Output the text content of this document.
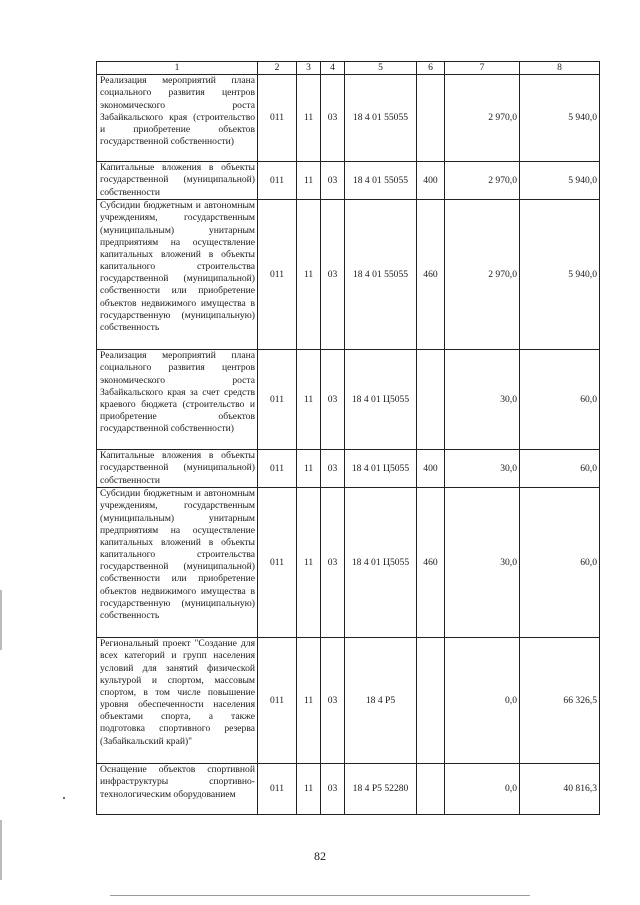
1	2	3	4	5	6	7	8
Реализация мероприятий плана социального развития центров экономического роста Забайкальского края (строительство и приобретение объектов государственной собственности)	011	11	03	18 4 01 55055		2 970,0	5 940,0
Капитальные вложения в объекты государственной (муниципальной) собственности	011	11	03	18 4 01 55055	400	2 970,0	5 940,0
Субсидии бюджетным и автономным учреждениям, государственным (муниципальным) унитарным предприятиям на осуществление капитальных вложений в объекты капитального строительства государственной (муниципальной) собственности или приобретение объектов недвижимого имущества в государственную (муниципальную) собственность	011	11	03	18 4 01 55055	460	2 970,0	5 940,0
Реализация мероприятий плана социального развития центров экономического роста Забайкальского края за счет средств краевого бюджета (строительство и приобретение объектов государственной собственности)	011	11	03	18 4 01 Ц5055		30,0	60,0
Капитальные вложения в объекты государственной (муниципальной) собственности	011	11	03	18 4 01 Ц5055	400	30,0	60,0
Субсидии бюджетным и автономным учреждениям, государственным (муниципальным) унитарным предприятиям на осуществление капитальных вложений в объекты капитального строительства государственной (муниципальной) собственности или приобретение объектов недвижимого имущества в государственную (муниципальную) собственность	011	11	03	18 4 01 Ц5055	460	30,0	60,0
Региональный проект "Создание для всех категорий и групп населения условий для занятий физической культурой и спортом, массовым спортом, в том числе повышение уровня обеспеченности населения объектами спорта, а также подготовка спортивного резерва (Забайкальский край)"	011	11	03	18 4 Р5		0,0	66 326,5
Оснащение объектов спортивной инфраструктуры спортивно-технологическим оборудованием	011	11	03	18 4 Р5 52280		0,0	40 816,3
82
